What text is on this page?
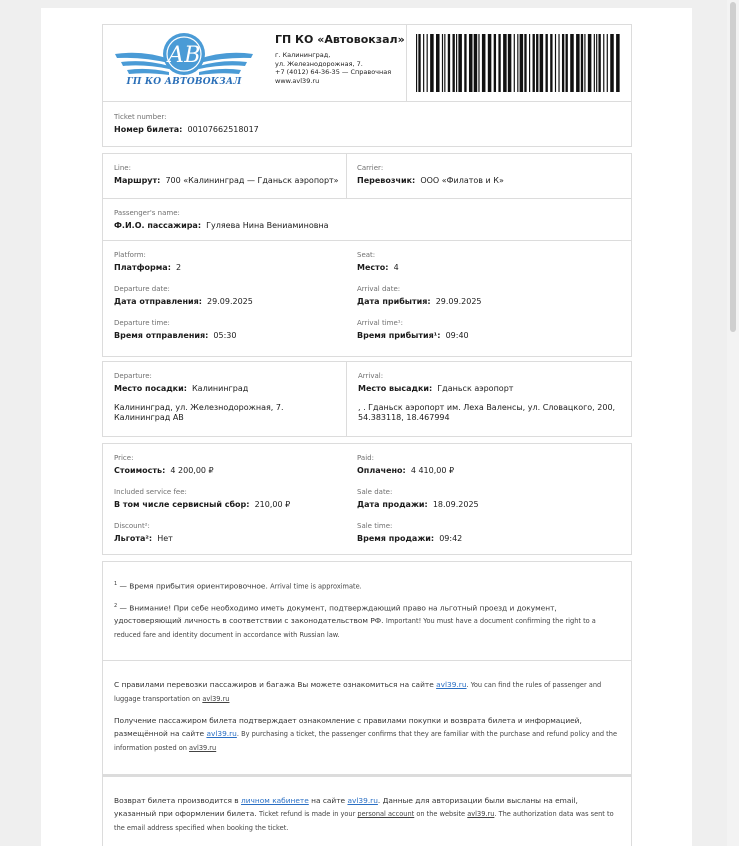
АВ
ГП КО АВТОВОКЗАЛ
ГП КО «Автовокзал»
г. Калининград,
ул. Железнодорожная, 7.
+7 (4012) 64-36-35 — Справочная
www.avl39.ru
Ticket number:
Номер билета: 00107662518017
Line:
Маршрут: 700 «Калининград — Гданьск аэропорт»
Carrier:
Перевозчик: ООО «Филатов и К»
Passenger's name:
Ф.И.О. пассажира: Гуляева Нина Вениаминовна
Platform:
Платформа: 2
Seat:
Место: 4
Departure date:
Дата отправления: 29.09.2025
Arrival date:
Дата прибытия: 29.09.2025
Departure time:
Время отправления: 05:30
Arrival time¹:
Время прибытия¹: 09:40
Departure:
Место посадки: Калининград
Калининград, ул. Железнодорожная, 7.
Калининград АВ
Arrival:
Место высадки: Гданьск аэропорт
, . Гданьск аэропорт им. Леха Валенсы, ул. Словацкого, 200,
54.383118, 18.467994
Price:
Стоимость: 4 200,00 ₽
Paid:
Оплачено: 4 410,00 ₽
Included service fee:
В том числе сервисный сбор: 210,00 ₽
Sale date:
Дата продажи: 18.09.2025
Discount²:
Льгота²: Нет
Sale time:
Время продажи: 09:42
$^1$ — Время прибытия ориентировочное. Arrival time is approximate.
$^2$ — Внимание! При себе необходимо иметь документ, подтверждающий право на льготный проезд и документ, удостоверяющий личность в соответствии с законодательством РФ. Important! You must have a document confirming the right to a reduced fare and identity document in accordance with Russian law.
С правилами перевозки пассажиров и багажа Вы можете ознакомиться на сайте avl39.ru. You can find the rules of passenger and luggage transportation on avl39.ru
Получение пассажиром билета подтверждает ознакомление с правилами покупки и возврата билета и информацией, размещённой на сайте avl39.ru. By purchasing a ticket, the passenger confirms that they are familiar with the purchase and refund policy and the information posted on avl39.ru
Возврат билета производится в личном кабинете на сайте avl39.ru. Данные для авторизации были высланы на email, указанный при оформлении билета. Ticket refund is made in your personal account on the website avl39.ru. The authorization data was sent to the email address specified when booking the ticket.
